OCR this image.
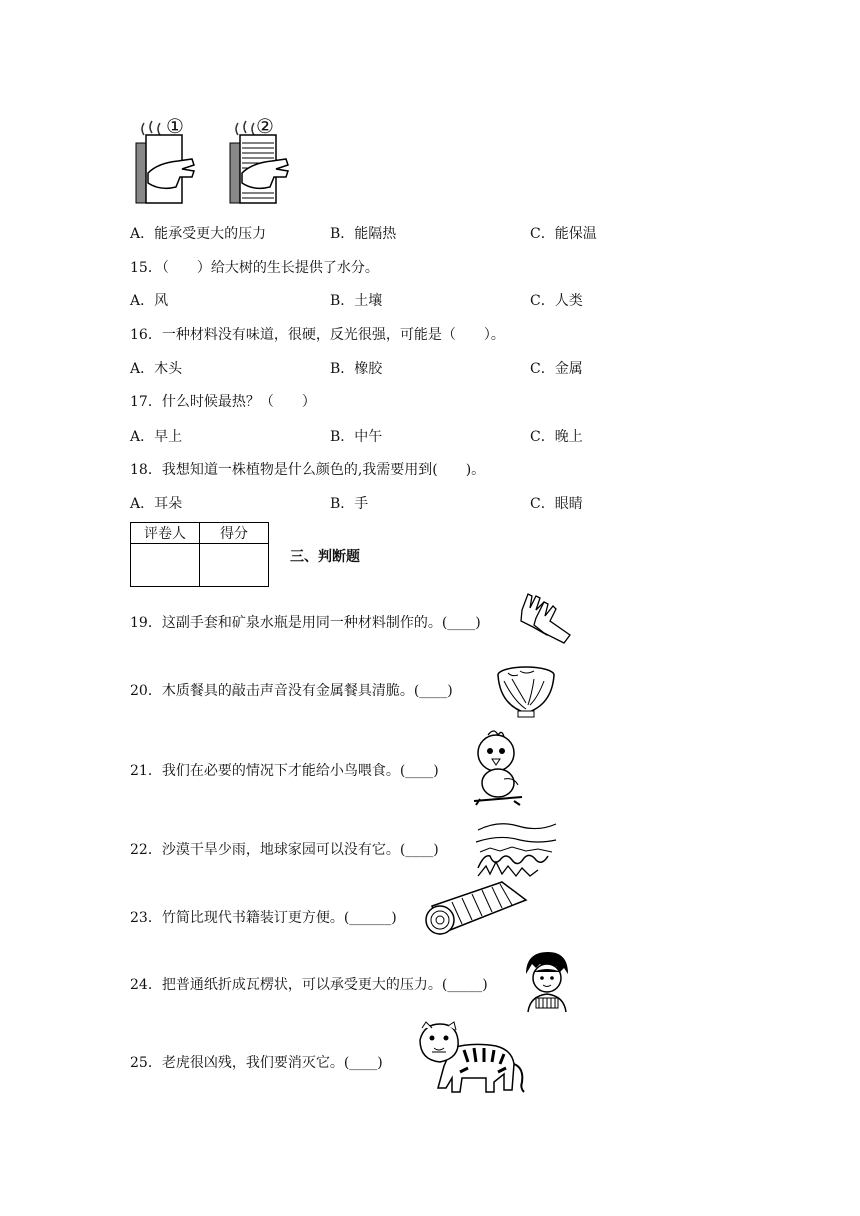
①	②
A．能承受更大的压力	B．能隔热	C．能保温
15．（　　）给大树的生长提供了水分。
A．风	B．土壤	C．人类
16．一种材料没有味道，很硬，反光很强，可能是（　　）。
A．木头	B．橡胶	C．金属
17．什么时候最热？（　　）
A．早上	B．中午	C．晚上
18．我想知道一株植物是什么颜色的,我需要用到(　　)。
A．耳朵	B．手	C．眼睛
评卷人	得分

三、判断题
19．这副手套和矿泉水瓶是用同一种材料制作的。(____)
20．木质餐具的敲击声音没有金属餐具清脆。(____)
21．我们在必要的情况下才能给小鸟喂食。(____)
22．沙漠干旱少雨，地球家园可以没有它。(____)
23．竹简比现代书籍装订更方便。(______)
24．把普通纸折成瓦楞状，可以承受更大的压力。(_____)
25．老虎很凶残，我们要消灭它。(____)
